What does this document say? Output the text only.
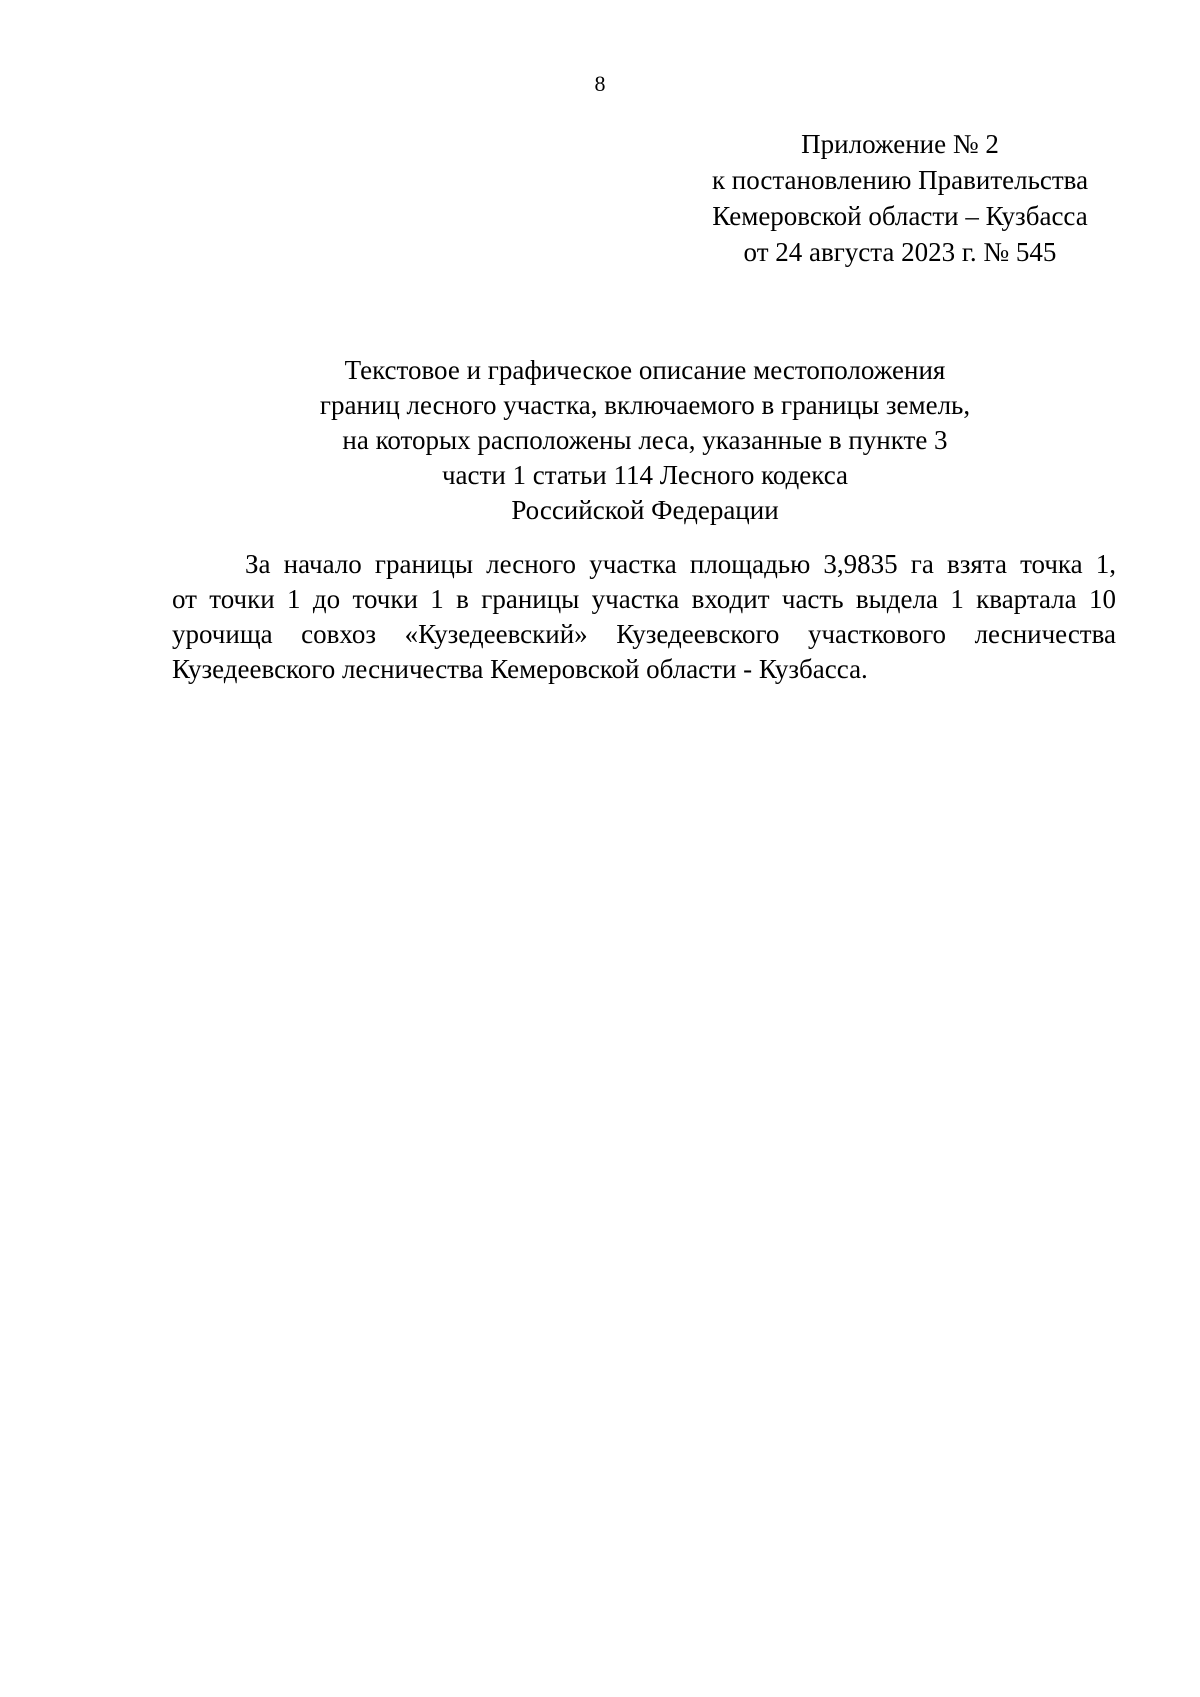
8
Приложение № 2
к постановлению Правительства
Кемеровской области – Кузбасса
от 24 августа 2023 г. № 545
Текстовое и графическое описание местоположения
границ лесного участка, включаемого в границы земель,
на которых расположены леса, указанные в пункте 3
части 1 статьи 114 Лесного кодекса
Российской Федерации
За начало границы лесного участка площадью 3,9835 га взята точка 1,
от точки 1 до точки 1 в границы участка входит часть выдела 1 квартала 10
урочища совхоз «Кузедеевский» Кузедеевского участкового лесничества
Кузедеевского лесничества Кемеровской области - Кузбасса.
